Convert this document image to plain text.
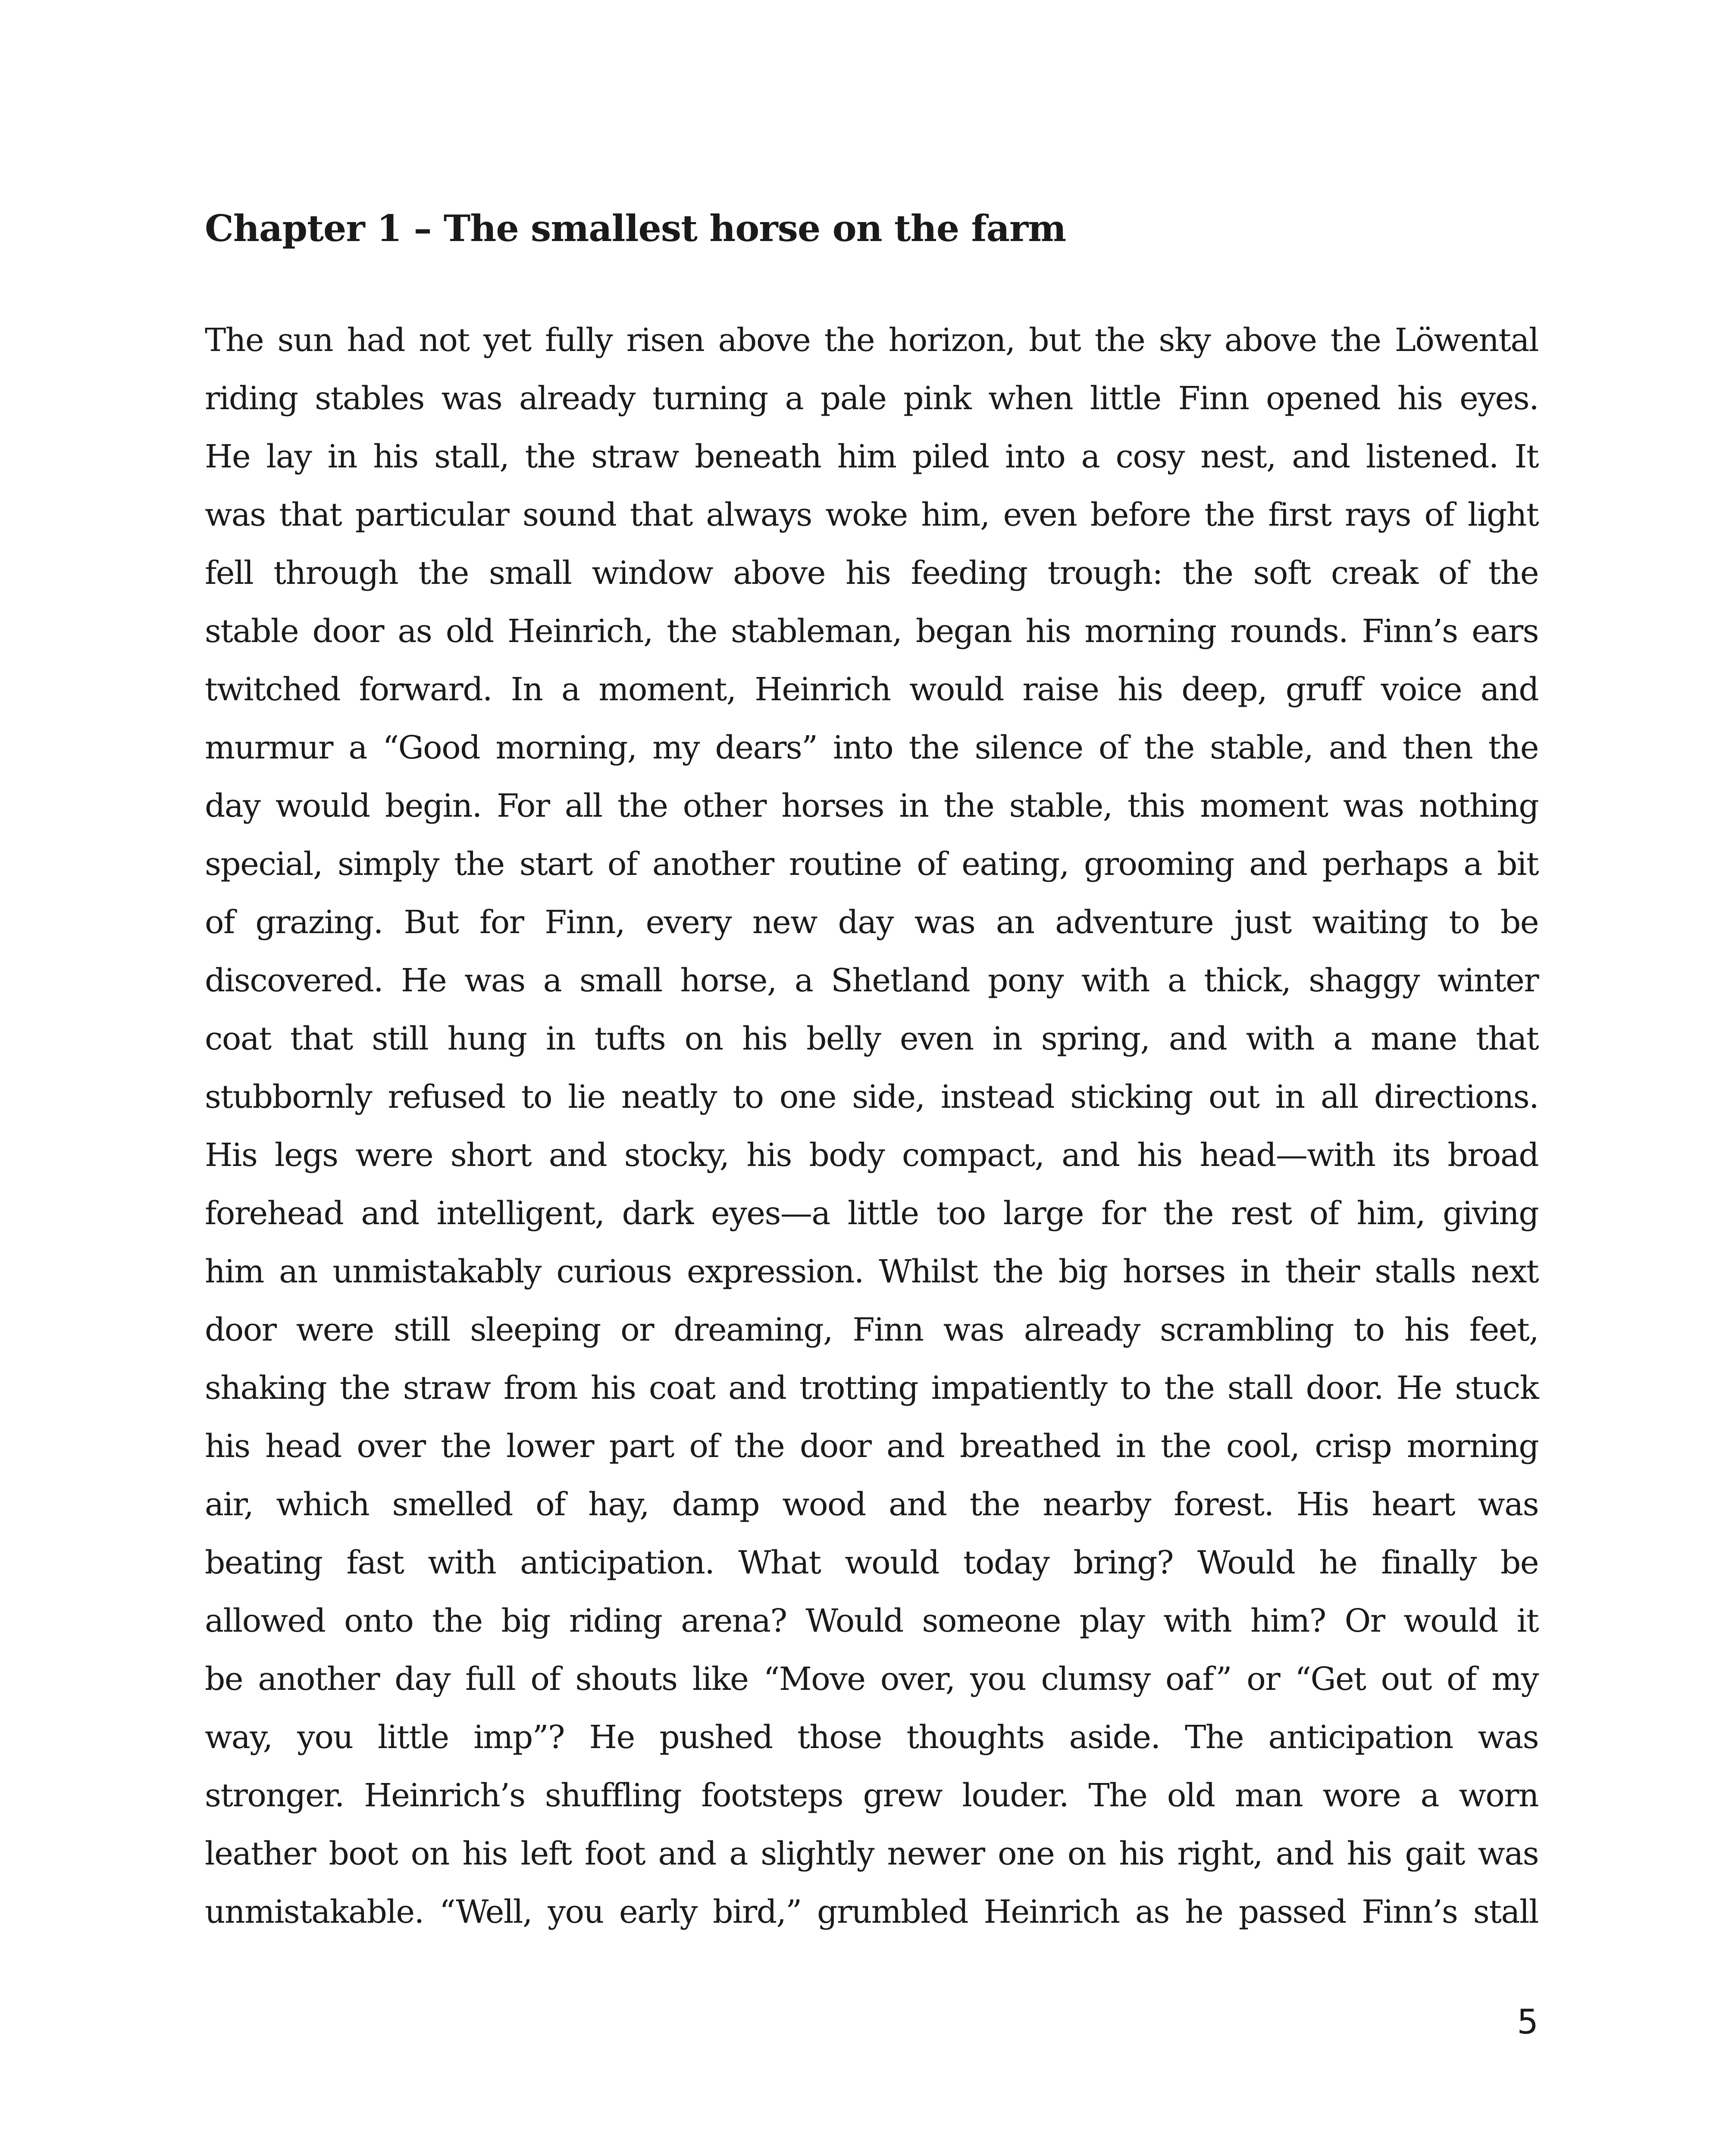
Chapter 1 – The smallest horse on the farm
The sun had not yet fully risen above the horizon, but the sky above the Löwental
riding stables was already turning a pale pink when little Finn opened his eyes.
He lay in his stall, the straw beneath him piled into a cosy nest, and listened. It
was that particular sound that always woke him, even before the first rays of light
fell through the small window above his feeding trough: the soft creak of the
stable door as old Heinrich, the stableman, began his morning rounds. Finn’s ears
twitched forward. In a moment, Heinrich would raise his deep, gruff voice and
murmur a “Good morning, my dears” into the silence of the stable, and then the
day would begin. For all the other horses in the stable, this moment was nothing
special, simply the start of another routine of eating, grooming and perhaps a bit
of grazing. But for Finn, every new day was an adventure just waiting to be
discovered. He was a small horse, a Shetland pony with a thick, shaggy winter
coat that still hung in tufts on his belly even in spring, and with a mane that
stubbornly refused to lie neatly to one side, instead sticking out in all directions.
His legs were short and stocky, his body compact, and his head—with its broad
forehead and intelligent, dark eyes—a little too large for the rest of him, giving
him an unmistakably curious expression. Whilst the big horses in their stalls next
door were still sleeping or dreaming, Finn was already scrambling to his feet,
shaking the straw from his coat and trotting impatiently to the stall door. He stuck
his head over the lower part of the door and breathed in the cool, crisp morning
air, which smelled of hay, damp wood and the nearby forest. His heart was
beating fast with anticipation. What would today bring? Would he finally be
allowed onto the big riding arena? Would someone play with him? Or would it
be another day full of shouts like “Move over, you clumsy oaf” or “Get out of my
way, you little imp”? He pushed those thoughts aside. The anticipation was
stronger. Heinrich’s shuffling footsteps grew louder. The old man wore a worn
leather boot on his left foot and a slightly newer one on his right, and his gait was
unmistakable. “Well, you early bird,” grumbled Heinrich as he passed Finn’s stall
5
